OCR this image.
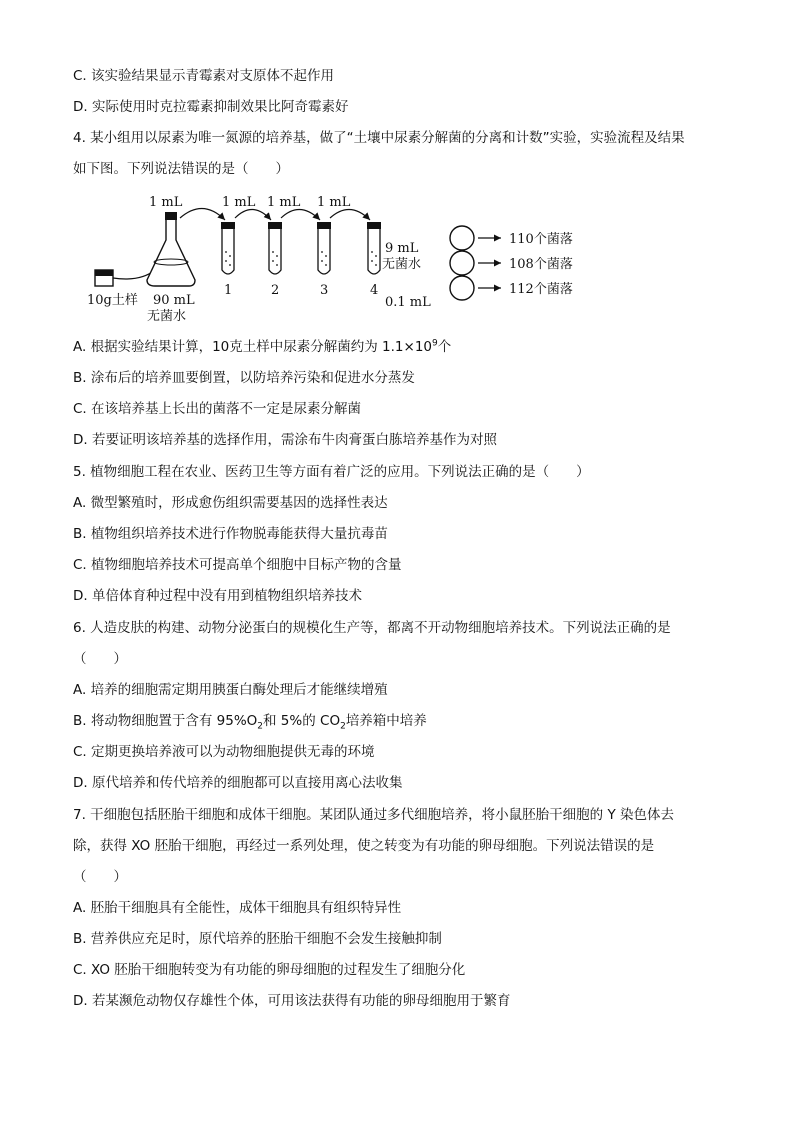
C. 该实验结果显示青霉素对支原体不起作用
D. 实际使用时克拉霉素抑制效果比阿奇霉素好
4. 某小组用以尿素为唯一氮源的培养基，做了“土壤中尿素分解菌的分离和计数”实验，实验流程及结果
如下图。下列说法错误的是（　　）
1 mL	1 mL 1 mL 1 mL
10g土样 90 mL
无菌水
1	2	3	4
9 mL
无菌水
0.1 mL
110个菌落
108个菌落
112个菌落
A. 根据实验结果计算，10克土样中尿素分解菌约为 $1.1\times 10^9$个
B. 涂布后的培养皿要倒置，以防培养污染和促进水分蒸发
C. 在该培养基上长出的菌落不一定是尿素分解菌
D. 若要证明该培养基的选择作用，需涂布牛肉膏蛋白胨培养基作为对照
5. 植物细胞工程在农业、医药卫生等方面有着广泛的应用。下列说法正确的是（　　）
A. 微型繁殖时，形成愈伤组织需要基因的选择性表达
B. 植物组织培养技术进行作物脱毒能获得大量抗毒苗
C. 植物细胞培养技术可提高单个细胞中目标产物的含量
D. 单倍体育种过程中没有用到植物组织培养技术
6. 人造皮肤的构建、动物分泌蛋白的规模化生产等，都离不开动物细胞培养技术。下列说法正确的是
（　　）
A. 培养的细胞需定期用胰蛋白酶处理后才能继续增殖
B. 将动物细胞置于含有 $95\%O_2$和 5%的 $CO_2$培养箱中培养
C. 定期更换培养液可以为动物细胞提供无毒的环境
D. 原代培养和传代培养的细胞都可以直接用离心法收集
7. 干细胞包括胚胎干细胞和成体干细胞。某团队通过多代细胞培养，将小鼠胚胎干细胞的 Y 染色体去
除，获得 XO 胚胎干细胞，再经过一系列处理，使之转变为有功能的卵母细胞。下列说法错误的是
（　　）
A. 胚胎干细胞具有全能性，成体干细胞具有组织特异性
B. 营养供应充足时，原代培养的胚胎干细胞不会发生接触抑制
C. XO 胚胎干细胞转变为有功能的卵母细胞的过程发生了细胞分化
D. 若某濒危动物仅存雄性个体，可用该法获得有功能的卵母细胞用于繁育
